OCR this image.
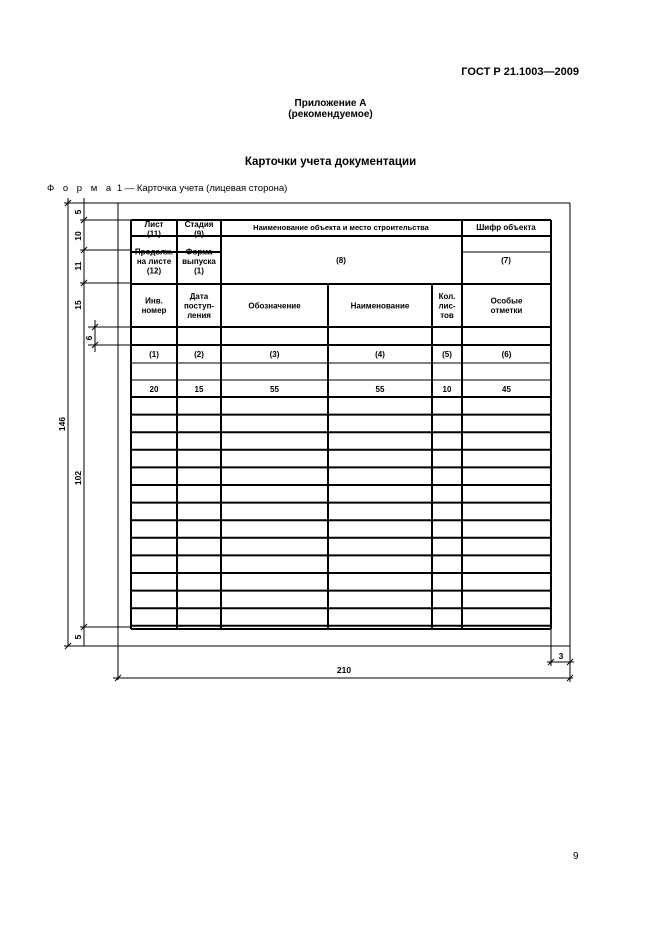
ГОСТ Р 21.1003—2009
Приложение А
(рекомендуемое)
Карточки учета документации
Ф о р м а 1 — Карточка учета (лицевая сторона)
Лист
(11)
Стадия
(9)
Наименование объекта и место строительства	Шифр объекта
Продолж.
на листе
(12)
Форма
выпуска
(1)
(8)	(7)
Инв.
номер
(1)
20
Дата
поступ-
ления
(2)
15
Обозначение
(3)
55
Наименование
(4)
55
Кол.
лис-
тов
(5)
10
Особые
отметки
(6)
45
146
5
10
11
15
102
5
6
210
3
9
